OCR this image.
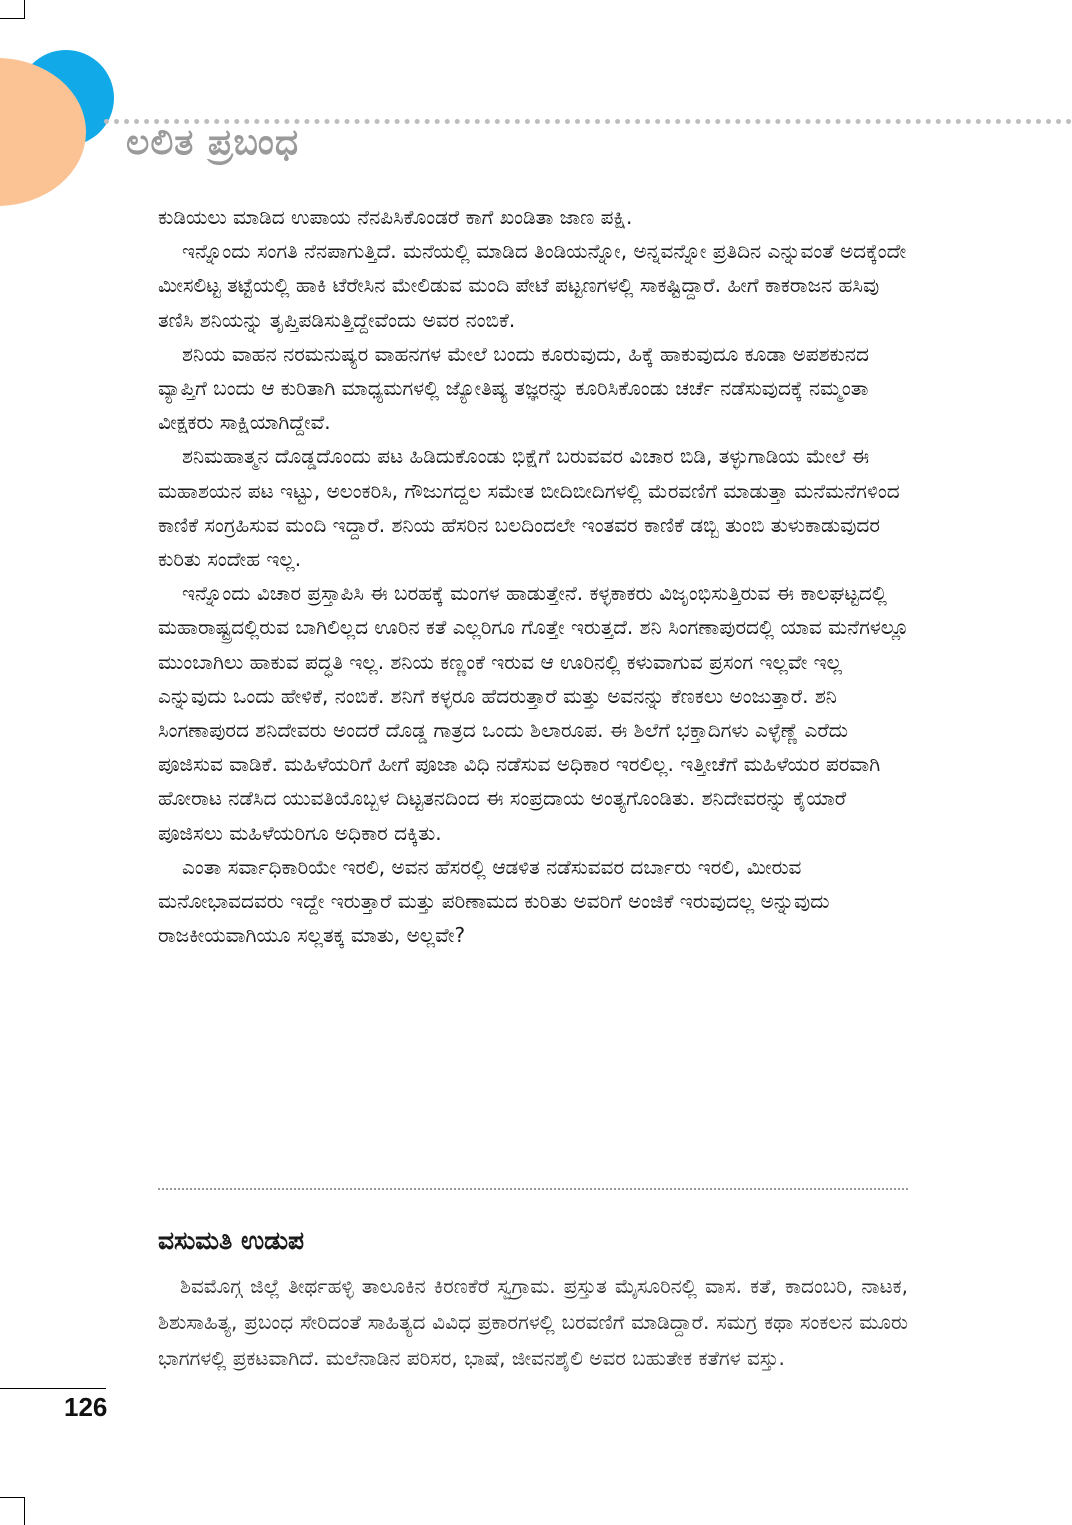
ಲಲಿತ ಪ್ರಬಂಧ

ಕುಡಿಯಲು ಮಾಡಿದ ಉಪಾಯ ನೆನಪಿಸಿಕೊಂಡರೆ ಕಾಗೆ ಖಂಡಿತಾ ಜಾಣ ಪಕ್ಷಿ.

ಇನ್ನೊಂದು ಸಂಗತಿ ನೆನಪಾಗುತ್ತಿದೆ. ಮನೆಯಲ್ಲಿ ಮಾಡಿದ ತಿಂಡಿಯನ್ನೋ, ಅನ್ನವನ್ನೋ ಪ್ರತಿದಿನ ಎನ್ನುವಂತೆ ಅದಕ್ಕೆಂದೇ ಮೀಸಲಿಟ್ಟ ತಟ್ಟೆಯಲ್ಲಿ ಹಾಕಿ ಟೆರೇಸಿನ ಮೇಲಿಡುವ ಮಂದಿ ಪೇಟೆ ಪಟ್ಟಣಗಳಲ್ಲಿ ಸಾಕಷ್ಟಿದ್ದಾರೆ. ಹೀಗೆ ಕಾಕರಾಜನ ಹಸಿವು ತಣಿಸಿ ಶನಿಯನ್ನು ತೃಪ್ತಿಪಡಿಸುತ್ತಿದ್ದೇವೆಂದು ಅವರ ನಂಬಿಕೆ.

ಶನಿಯ ವಾಹನ ನರಮನುಷ್ಯರ ವಾಹನಗಳ ಮೇಲೆ ಬಂದು ಕೂರುವುದು, ಹಿಕ್ಕೆ ಹಾಕುವುದೂ ಕೂಡಾ ಅಪಶಕುನದ ವ್ಯಾಪ್ತಿಗೆ ಬಂದು ಆ ಕುರಿತಾಗಿ ಮಾಧ್ಯಮಗಳಲ್ಲಿ ಜ್ಯೋತಿಷ್ಯ ತಜ್ಞರನ್ನು ಕೂರಿಸಿಕೊಂಡು ಚರ್ಚೆ ನಡೆಸುವುದಕ್ಕೆ ನಮ್ಮಂತಾ ವೀಕ್ಷಕರು ಸಾಕ್ಷಿಯಾಗಿದ್ದೇವೆ.

ಶನಿಮಹಾತ್ಮನ ದೊಡ್ಡದೊಂದು ಪಟ ಹಿಡಿದುಕೊಂಡು ಭಿಕ್ಷೆಗೆ ಬರುವವರ ವಿಚಾರ ಬಿಡಿ, ತಳ್ಳುಗಾಡಿಯ ಮೇಲೆ ಈ ಮಹಾಶಯನ ಪಟ ಇಟ್ಟು, ಅಲಂಕರಿಸಿ, ಗೌಜುಗದ್ದಲ ಸಮೇತ ಬೀದಿಬೀದಿಗಳಲ್ಲಿ ಮೆರವಣಿಗೆ ಮಾಡುತ್ತಾ ಮನೆಮನೆಗಳಿಂದ ಕಾಣಿಕೆ ಸಂಗ್ರಹಿಸುವ ಮಂದಿ ಇದ್ದಾರೆ. ಶನಿಯ ಹೆಸರಿನ ಬಲದಿಂದಲೇ ಇಂತವರ ಕಾಣಿಕೆ ಡಬ್ಬಿ ತುಂಬಿ ತುಳುಕಾಡುವುದರ ಕುರಿತು ಸಂದೇಹ ಇಲ್ಲ.

ಇನ್ನೊಂದು ವಿಚಾರ ಪ್ರಸ್ತಾಪಿಸಿ ಈ ಬರಹಕ್ಕೆ ಮಂಗಳ ಹಾಡುತ್ತೇನೆ. ಕಳ್ಳಕಾಕರು ವಿಜೃಂಭಿಸುತ್ತಿರುವ ಈ ಕಾಲಘಟ್ಟದಲ್ಲಿ ಮಹಾರಾಷ್ಟ್ರದಲ್ಲಿರುವ ಬಾಗಿಲಿಲ್ಲದ ಊರಿನ ಕತೆ ಎಲ್ಲರಿಗೂ ಗೊತ್ತೇ ಇರುತ್ತದೆ. ಶನಿ ಸಿಂಗಣಾಪುರದಲ್ಲಿ ಯಾವ ಮನೆಗಳಲ್ಲೂ ಮುಂಬಾಗಿಲು ಹಾಕುವ ಪದ್ಧತಿ ಇಲ್ಲ. ಶನಿಯ ಕಣ್ಣಂಕೆ ಇರುವ ಆ ಊರಿನಲ್ಲಿ ಕಳುವಾಗುವ ಪ್ರಸಂಗ ಇಲ್ಲವೇ ಇಲ್ಲ ಎನ್ನುವುದು ಒಂದು ಹೇಳಿಕೆ, ನಂಬಿಕೆ. ಶನಿಗೆ ಕಳ್ಳರೂ ಹೆದರುತ್ತಾರೆ ಮತ್ತು ಅವನನ್ನು ಕೆಣಕಲು ಅಂಜುತ್ತಾರೆ. ಶನಿ ಸಿಂಗಣಾಪುರದ ಶನಿದೇವರು ಅಂದರೆ ದೊಡ್ಡ ಗಾತ್ರದ ಒಂದು ಶಿಲಾರೂಪ. ಈ ಶಿಲೆಗೆ ಭಕ್ತಾದಿಗಳು ಎಳ್ಳೆಣ್ಣೆ ಎರೆದು ಪೂಜಿಸುವ ವಾಡಿಕೆ. ಮಹಿಳೆಯರಿಗೆ ಹೀಗೆ ಪೂಜಾ ವಿಧಿ ನಡೆಸುವ ಅಧಿಕಾರ ಇರಲಿಲ್ಲ. ಇತ್ತೀಚೆಗೆ ಮಹಿಳೆಯರ ಪರವಾಗಿ ಹೋರಾಟ ನಡೆಸಿದ ಯುವತಿಯೊಬ್ಬಳ ದಿಟ್ಟತನದಿಂದ ಈ ಸಂಪ್ರದಾಯ ಅಂತ್ಯಗೊಂಡಿತು. ಶನಿದೇವರನ್ನು ಕೈಯಾರೆ ಪೂಜಿಸಲು ಮಹಿಳೆಯರಿಗೂ ಅಧಿಕಾರ ದಕ್ಕಿತು.

ಎಂತಾ ಸರ್ವಾಧಿಕಾರಿಯೇ ಇರಲಿ, ಅವನ ಹೆಸರಲ್ಲಿ ಆಡಳಿತ ನಡೆಸುವವರ ದರ್ಬಾರು ಇರಲಿ, ಮೀರುವ ಮನೋಭಾವದವರು ಇದ್ದೇ ಇರುತ್ತಾರೆ ಮತ್ತು ಪರಿಣಾಮದ ಕುರಿತು ಅವರಿಗೆ ಅಂಜಿಕೆ ಇರುವುದಲ್ಲ ಅನ್ನುವುದು ರಾಜಕೀಯವಾಗಿಯೂ ಸಲ್ಲತಕ್ಕ ಮಾತು, ಅಲ್ಲವೇ?

ವಸುಮತಿ ಉಡುಪ

ಶಿವಮೊಗ್ಗ ಜಿಲ್ಲೆ ತೀರ್ಥಹಳ್ಳಿ ತಾಲೂಕಿನ ಕಿರಣಕೆರೆ ಸ್ವಗ್ರಾಮ. ಪ್ರಸ್ತುತ ಮೈಸೂರಿನಲ್ಲಿ ವಾಸ. ಕತೆ, ಕಾದಂಬರಿ, ನಾಟಕ, ಶಿಶುಸಾಹಿತ್ಯ, ಪ್ರಬಂಧ ಸೇರಿದಂತೆ ಸಾಹಿತ್ಯದ ವಿವಿಧ ಪ್ರಕಾರಗಳಲ್ಲಿ ಬರವಣಿಗೆ ಮಾಡಿದ್ದಾರೆ. ಸಮಗ್ರ ಕಥಾ ಸಂಕಲನ ಮೂರು ಭಾಗಗಳಲ್ಲಿ ಪ್ರಕಟವಾಗಿದೆ. ಮಲೆನಾಡಿನ ಪರಿಸರ, ಭಾಷೆ, ಜೀವನಶೈಲಿ ಅವರ ಬಹುತೇಕ ಕತೆಗಳ ವಸ್ತು.

126
